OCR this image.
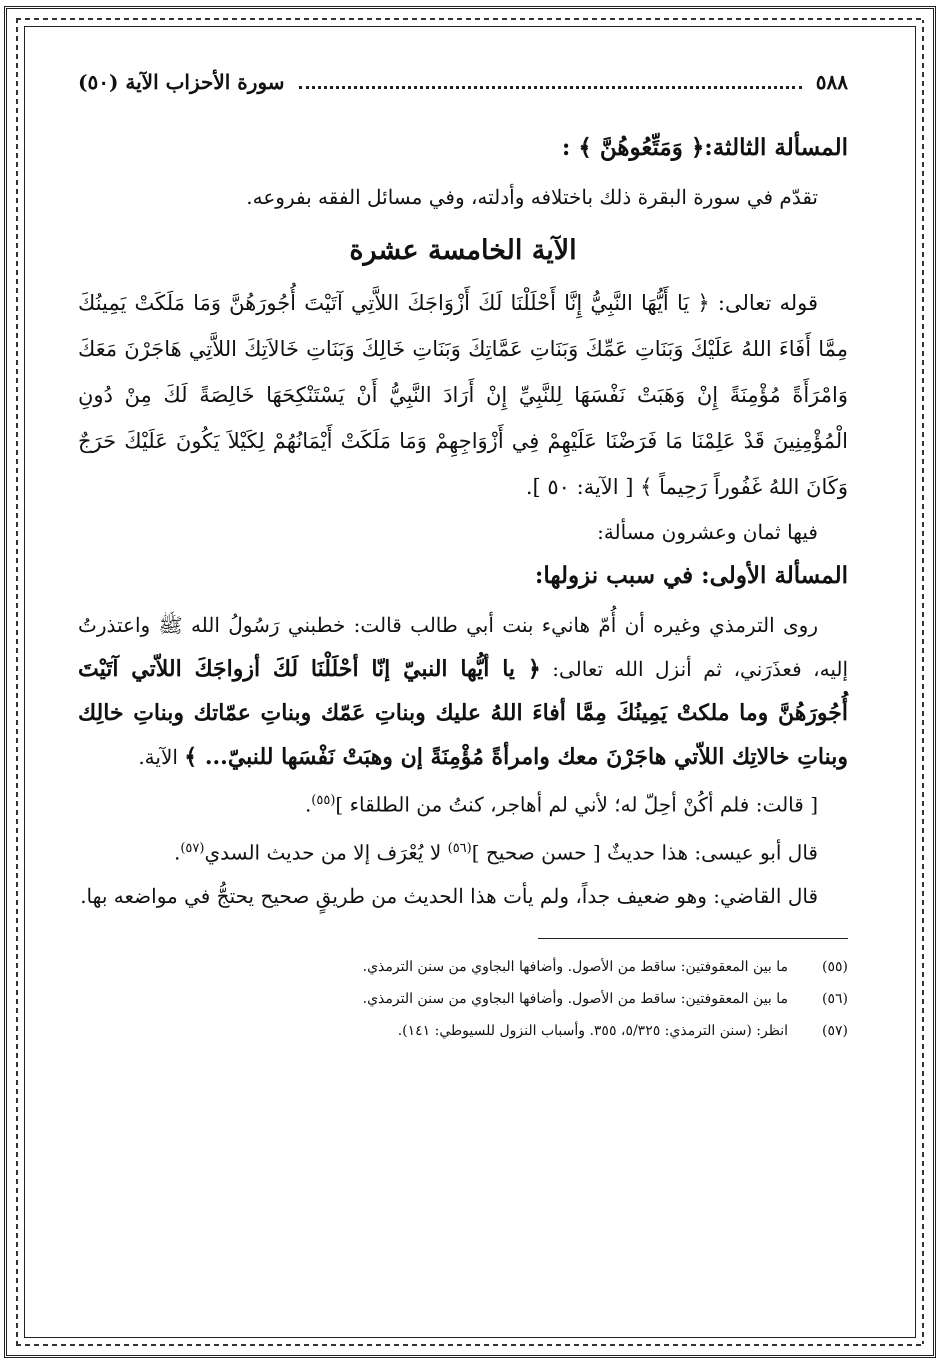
٥٨٨
سورة الأحزاب الآية (٥٠)
المسألة الثالثة:﴿ وَمَتِّعُوهُنَّ ﴾ :

تقدّم في سورة البقرة ذلك باختلافه وأدلته، وفي مسائل الفقه بفروعه.

الآية الخامسة عشرة

قوله تعالى: ﴿ يَا أَيُّهَا النَّبِيُّ إِنَّا أَحْلَلْنَا لَكَ أَزْوَاجَكَ اللاَّتِي آتَيْتَ أُجُورَهُنَّ وَمَا مَلَكَتْ يَمِينُكَ مِمَّا أَفَاءَ اللهُ عَلَيْكَ وَبَنَاتِ عَمِّكَ وَبَنَاتِ عَمَّاتِكَ وَبَنَاتِ خَالِكَ وَبَنَاتِ خَالاَتِكَ اللاَّتِي هَاجَرْنَ مَعَكَ وَامْرَأَةً مُؤْمِنَةً إِنْ وَهَبَتْ نَفْسَهَا لِلنَّبِيِّ إِنْ أَرَادَ النَّبِيُّ أَنْ يَسْتَنْكِحَهَا خَالِصَةً لَكَ مِنْ دُونِ الْمُؤْمِنِينَ قَدْ عَلِمْنَا مَا فَرَضْنَا عَلَيْهِمْ فِي أَزْوَاجِهِمْ وَمَا مَلَكَتْ أَيْمَانُهُمْ لِكَيْلاَ يَكُونَ عَلَيْكَ حَرَجٌ وَكَانَ اللهُ غَفُوراً رَحِيماً ﴾ [ الآية: ٥٠ ].

فيها ثمان وعشرون مسألة:

المسألة الأولى: في سبب نزولها:

روى الترمذي وغيره أن أُمّ هانيء بنت أبي طالب قالت: خطبني رَسُولُ الله ﷺ واعتذرتُ إليه، فعذَرَني، ثم أنزل الله تعالى: ﴿ يا أيُّها النبيّ إنّا أحْلَلْنَا لَكَ أزواجَكَ اللاّتي آتَيْتَ أُجُورَهُنَّ وما ملكتْ يَمِينُكَ مِمَّا أفاءَ اللهُ عليك وبناتِ عَمّك وبناتِ عمّاتك وبناتِ خالِك وبناتِ خالاتِك اللاّتي هاجَرْنَ معك وامرأةً مُؤْمِنَةً إن وهبَتْ نَفْسَها للنبيّ... ﴾ الآية.

[ قالت: فلم أكُنْ أحِلّ له؛ لأني لم أهاجر، كنتُ من الطلقاء ]$^{(٥٥)}$.

قال أبو عيسى: هذا حديثٌ [ حسن صحيح ]$^{(٥٦)}$ لا يُعْرَف إلا من حديث السدي$^{(٥٧)}$.

قال القاضي: وهو ضعيف جداً، ولم يأت هذا الحديث من طريقٍ صحيح يحتجُّ في مواضعه بها.

(٥٥)
ما بين المعقوفتين: ساقط من الأصول. وأضافها البجاوي من سنن الترمذي.
(٥٦)
ما بين المعقوفتين: ساقط من الأصول. وأضافها البجاوي من سنن الترمذي.
(٥٧)
انظر: (سنن الترمذي: ٥/٣٢٥، ٣٥٥. وأسباب النزول للسيوطي: ١٤١).
